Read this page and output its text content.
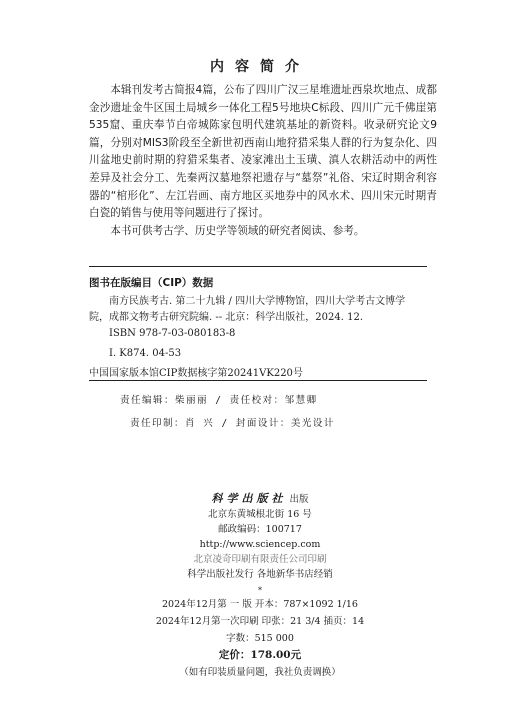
内容简介

本辑刊发考古简报4篇，公布了四川广汉三星堆遗址西泉坎地点、成都金沙遗址金牛区国土局城乡一体化工程5号地块C标段、四川广元千佛崖第535窟、重庆奉节白帝城陈家包明代建筑基址的新资料。收录研究论文9篇，分别对MIS3阶段至全新世初西南山地狩猎采集人群的行为复杂化、四川盆地史前时期的狩猎采集者、凌家滩出土玉璜、滇人农耕活动中的两性差异及社会分工、先秦两汉墓地祭祀遗存与“墓祭”礼俗、宋辽时期舍利容器的“棺形化”、左江岩画、南方地区买地券中的风水术、四川宋元时期青白瓷的销售与使用等问题进行了探讨。

本书可供考古学、历史学等领域的研究者阅读、参考。

图书在版编目（CIP）数据

南方民族考古. 第二十九辑 / 四川大学博物馆，四川大学考古文博学

院，成都文物考古研究院编. -- 北京：科学出版社，2024. 12.

ISBN 978-7-03-080183-8

Ⅰ. K874. 04-53

中国国家版本馆CIP数据核字第20241VK220号

责任编辑：柴丽丽 / 责任校对：邹慧卿
责任印制：肖 兴 / 封面设计：美光设计
科学出版社 出版
北京东黄城根北街 16 号
邮政编码：100717
http://www.sciencep.com
北京凌奇印刷有限责任公司印刷
科学出版社发行 各地新华书店经销
*
2024年12月第 一 版 开本：787×1092 1/16
2024年12月第一次印刷 印张：21 3/4 插页：14
字数：515 000
定价：178.00元
（如有印装质量问题，我社负责调换）
